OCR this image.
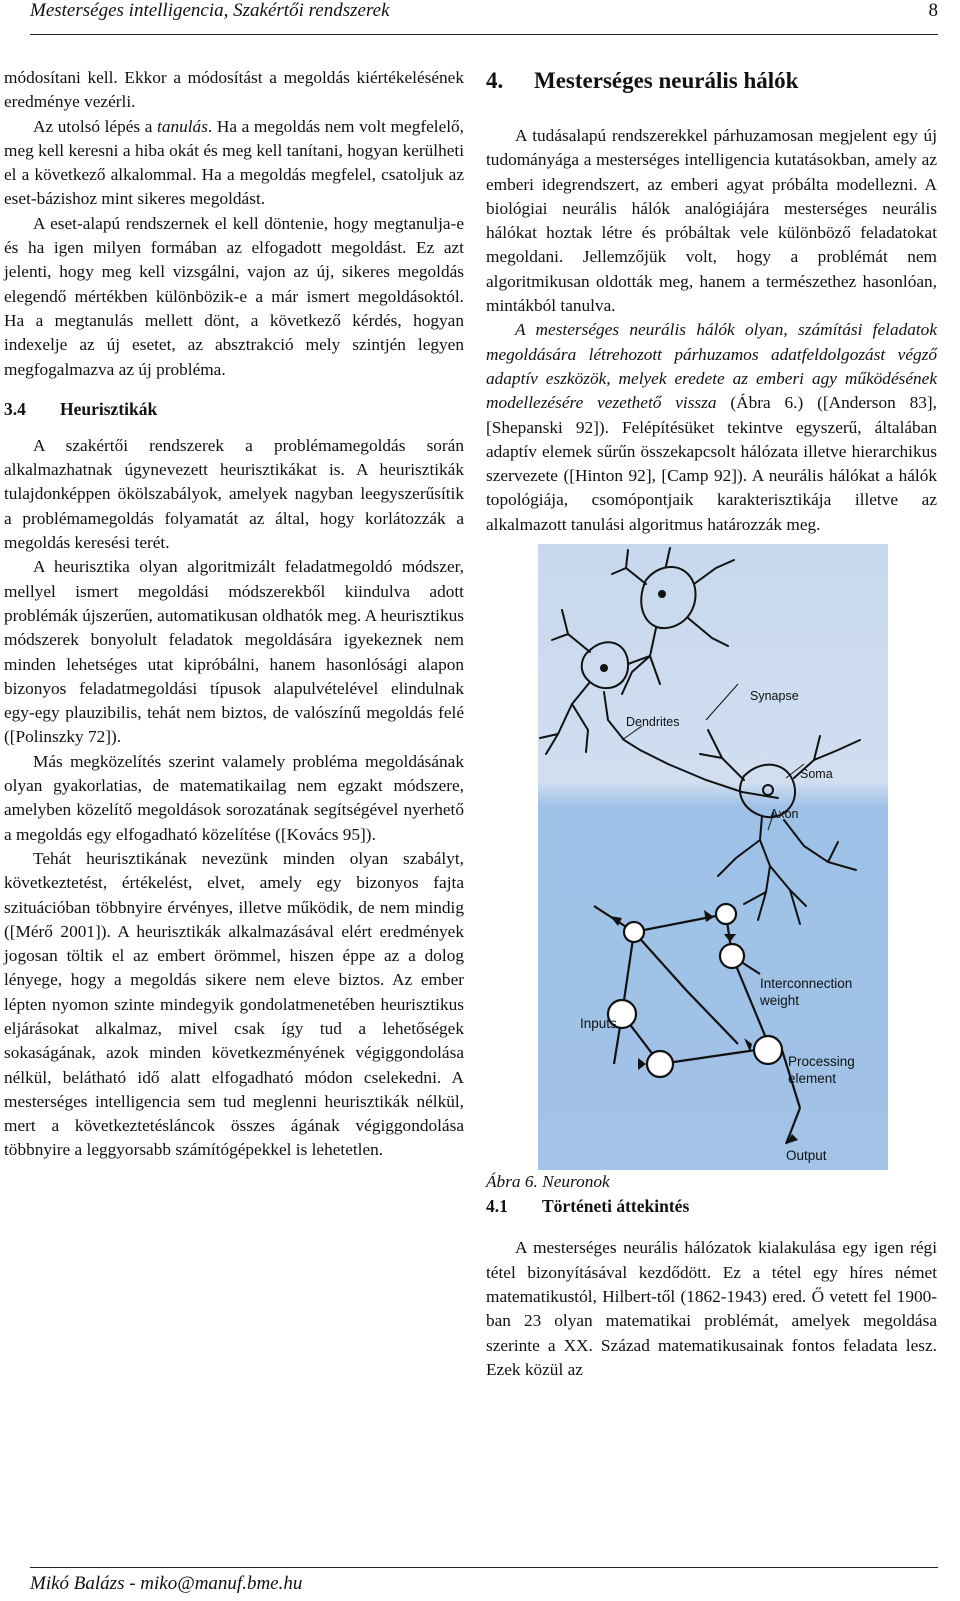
Mesterséges intelligencia, Szakértői rendszerek	8

módosítani kell. Ekkor a módosítást a megoldás kiértékelésének eredménye vezérli.

Az utolsó lépés a tanulás. Ha a megoldás nem volt megfelelő, meg kell keresni a hiba okát és meg kell tanítani, hogyan kerülheti el a következő alkalommal. Ha a megoldás megfelel, csatoljuk az eset-bázishoz mint sikeres megoldást.

A eset-alapú rendszernek el kell döntenie, hogy megtanulja-e és ha igen milyen formában az elfogadott megoldást. Ez azt jelenti, hogy meg kell vizsgálni, vajon az új, sikeres megoldás elegendő mértékben különbözik-e a már ismert megoldásoktól. Ha a megtanulás mellett dönt, a következő kérdés, hogyan indexelje az új esetet, az absztrakció mely szintjén legyen megfogalmazva az új probléma.

3.4 Heurisztikák

A szakértői rendszerek a problémamegoldás során alkalmazhatnak úgynevezett heurisztikákat is. A heurisztikák tulajdonképpen ökölszabályok, amelyek nagyban leegyszerűsítik a problémamegoldás folyamatát az által, hogy korlátozzák a megoldás keresési terét.

A heurisztika olyan algoritmizált feladatmegoldó módszer, mellyel ismert megoldási módszerekből kiindulva adott problémák újszerűen, automatikusan oldhatók meg. A heurisztikus módszerek bonyolult feladatok megoldására igyekeznek nem minden lehetséges utat kipróbálni, hanem hasonlósági alapon bizonyos feladatmegoldási típusok alapulvételével elindulnak egy-egy plauzibilis, tehát nem biztos, de valószínű megoldás felé ([Polinszky 72]).

Más megközelítés szerint valamely probléma megoldásának olyan gyakorlatias, de matematikailag nem egzakt módszere, amelyben közelítő megoldások sorozatának segítségével nyerhető a megoldás egy elfogadható közelítése ([Kovács 95]).

Tehát heurisztikának nevezünk minden olyan szabályt, következtetést, értékelést, elvet, amely egy bizonyos fajta szituációban többnyire érvényes, illetve működik, de nem mindig ([Mérő 2001]). A heurisztikák alkalmazásával elért eredmények jogosan töltik el az embert örömmel, hiszen éppe az a dolog lényege, hogy a megoldás sikere nem eleve biztos. Az ember lépten nyomon szinte mindegyik gondolatmenetében heurisztikus eljárásokat alkalmaz, mivel csak így tud a lehetőségek sokaságának, azok minden következményének végiggondolása nélkül, belátható idő alatt elfogadható módon cselekedni. A mesterséges intelligencia sem tud meglenni heurisztikák nélkül, mert a következtetésláncok összes ágának végiggondolása többnyire a leggyorsabb számítógépekkel is lehetetlen.

4. Mesterséges neurális hálók

A tudásalapú rendszerekkel párhuzamosan megjelent egy új tudományága a mesterséges intelligencia kutatásokban, amely az emberi idegrendszert, az emberi agyat próbálta modellezni. A biológiai neurális hálók analógiájára mesterséges neurális hálókat hoztak létre és próbáltak vele különböző feladatokat megoldani. Jellemzőjük volt, hogy a problémát nem algoritmikusan oldották meg, hanem a természethez hasonlóan, mintákból tanulva.

A mesterséges neurális hálók olyan, számítási feladatok megoldására létrehozott párhuzamos adatfeldolgozást végző adaptív eszközök, melyek eredete az emberi agy működésének modellezésére vezethető vissza (Ábra 6.) ([Anderson 83], [Shepanski 92]). Felépítésüket tekintve egyszerű, általában adaptív elemek sűrűn összekapcsolt hálózata illetve hierarchikus szervezete ([Hinton 92], [Camp 92]). A neurális hálókat a hálók topológiája, csomópontjaik karakterisztikája illetve az alkalmazott tanulási algoritmus határozzák meg.

Synapse
Dendrites
Soma
Axon
Interconnection
weight
Inputs
Processing
element
Output

Ábra 6. Neuronok

4.1 Történeti áttekintés

A mesterséges neurális hálózatok kialakulása egy igen régi tétel bizonyításával kezdődött. Ez a tétel egy híres német matematikustól, Hilbert-től (1862-1943) ered. Ő vetett fel 1900-ban 23 olyan matematikai problémát, amelyek megoldása szerinte a XX. Század matematikusainak fontos feladata lesz. Ezek közül az

Mikó Balázs - miko@manuf.bme.hu
